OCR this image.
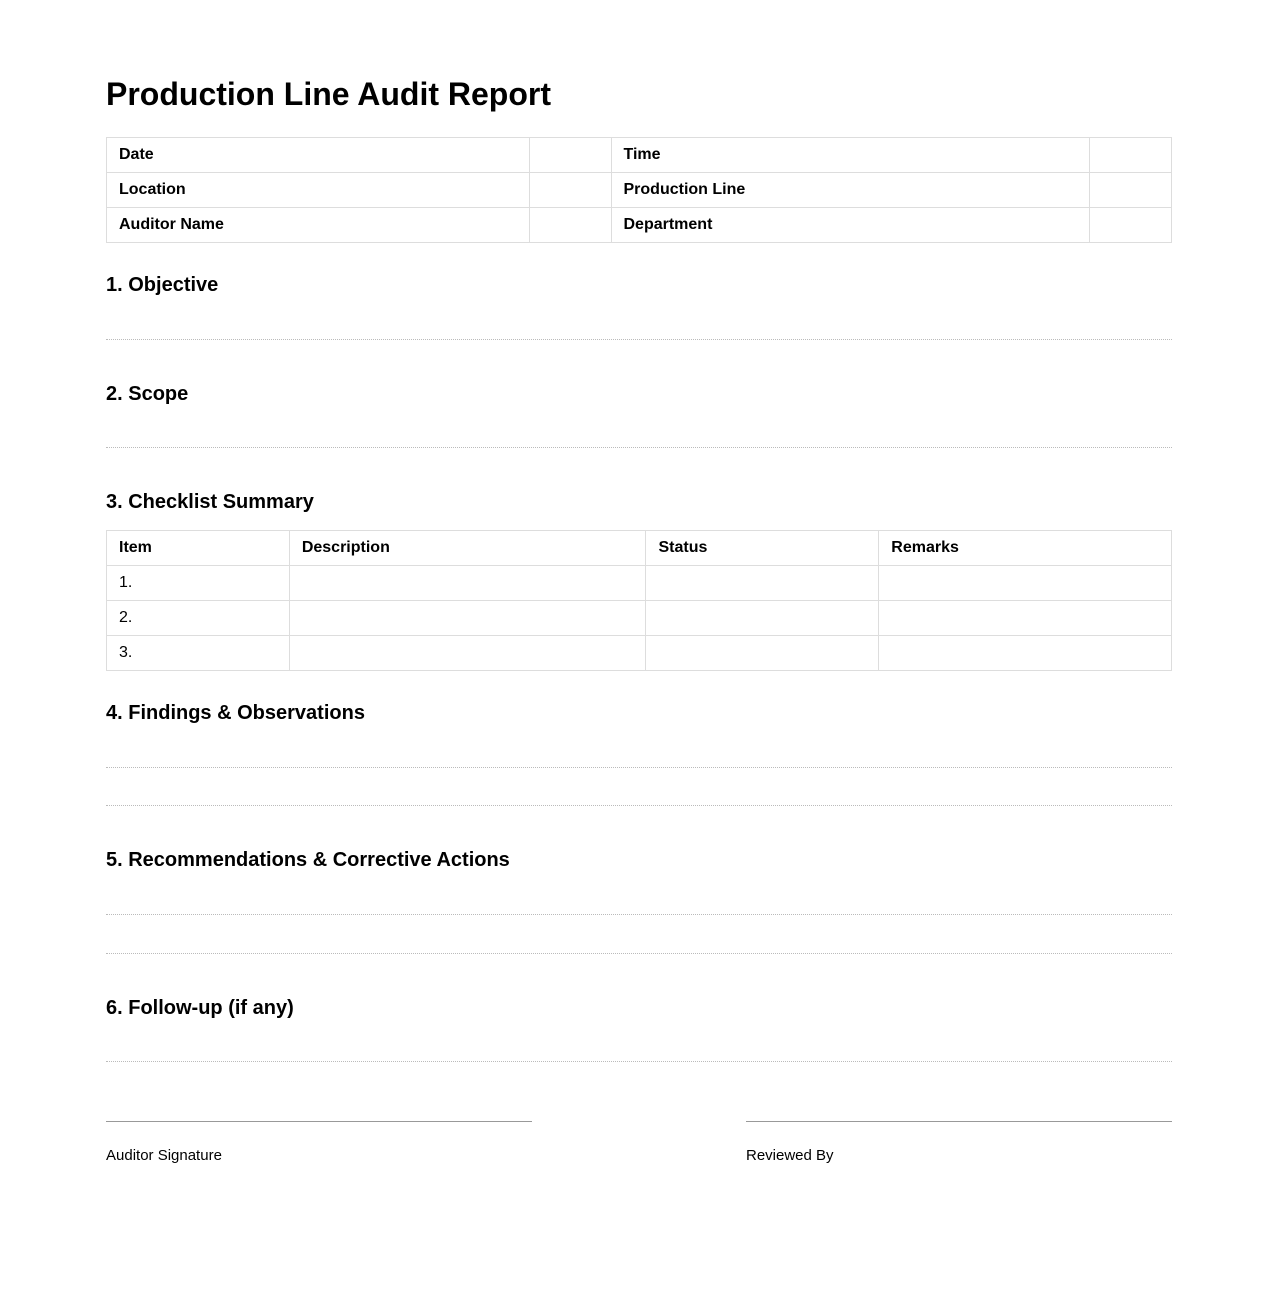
Production Line Audit Report
Date		Time	
Location		Production Line	
Auditor Name		Department	
1. Objective
2. Scope
3. Checklist Summary
Item	Description	Status	Remarks
1.			
2.			
3.			
4. Findings & Observations
5. Recommendations & Corrective Actions
6. Follow-up (if any)
Auditor Signature	Reviewed By
